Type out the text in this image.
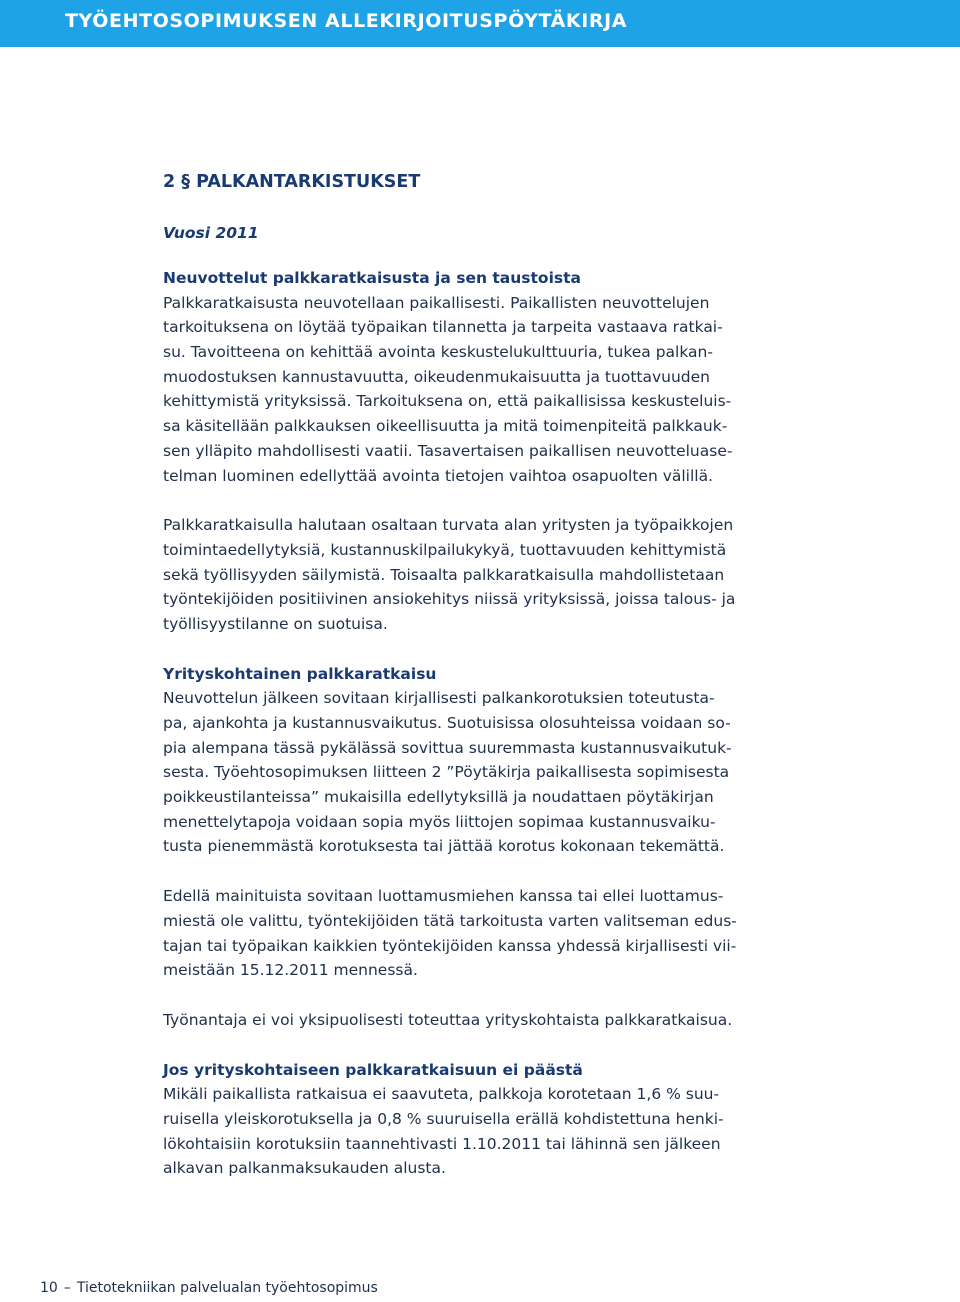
TYÖEHTOSOPIMUKSEN ALLEKIRJOITUSPÖYTÄKIRJA
2 § PALKANTARKISTUKSET
Vuosi 2011
Neuvottelut palkkaratkaisusta ja sen taustoista

Palkkaratkaisusta neuvotellaan paikallisesti. Paikallisten neuvottelujen
tarkoituksena on löytää työpaikan tilannetta ja tarpeita vastaava ratkai-
su. Tavoitteena on kehittää avointa keskustelukulttuuria, tukea palkan-
muodostuksen kannustavuutta, oikeudenmukaisuutta ja tuottavuuden
kehittymistä yrityksissä. Tarkoituksena on, että paikallisissa keskusteluis-
sa käsitellään palkkauksen oikeellisuutta ja mitä toimenpiteitä palkkauk-
sen ylläpito mahdollisesti vaatii. Tasavertaisen paikallisen neuvotteluase-
telman luominen edellyttää avointa tietojen vaihtoa osapuolten välillä.

Palkkaratkaisulla halutaan osaltaan turvata alan yritysten ja työpaikkojen
toimintaedellytyksiä, kustannuskilpailukykyä, tuottavuuden kehittymistä
sekä työllisyyden säilymistä. Toisaalta palkkaratkaisulla mahdollistetaan
työntekijöiden positiivinen ansiokehitys niissä yrityksissä, joissa talous- ja
työllisyystilanne on suotuisa.

Yrityskohtainen palkkaratkaisu

Neuvottelun jälkeen sovitaan kirjallisesti palkankorotuksien toteutusta-
pa, ajankohta ja kustannusvaikutus. Suotuisissa olosuhteissa voidaan so-
pia alempana tässä pykälässä sovittua suuremmasta kustannusvaikutuk-
sesta. Työehtosopimuksen liitteen 2 ”Pöytäkirja paikallisesta sopimisesta
poikkeustilanteissa” mukaisilla edellytyksillä ja noudattaen pöytäkirjan
menettelytapoja voidaan sopia myös liittojen sopimaa kustannusvaiku-
tusta pienemmästä korotuksesta tai jättää korotus kokonaan tekemättä.

Edellä mainituista sovitaan luottamusmiehen kanssa tai ellei luottamus-
miestä ole valittu, työntekijöiden tätä tarkoitusta varten valitseman edus-
tajan tai työpaikan kaikkien työntekijöiden kanssa yhdessä kirjallisesti vii-
meistään 15.12.2011 mennessä.

Työnantaja ei voi yksipuolisesti toteuttaa yrityskohtaista palkkaratkaisua.

Jos yrityskohtaiseen palkkaratkaisuun ei päästä

Mikäli paikallista ratkaisua ei saavuteta, palkkoja korotetaan 1,6 % suu-
ruisella yleiskorotuksella ja 0,8 % suuruisella erällä kohdistettuna henki-
lökohtaisiin korotuksiin taannehtivasti 1.10.2011 tai lähinnä sen jälkeen
alkavan palkanmaksukauden alusta.

10 – Tietotekniikan palvelualan työehtosopimus
